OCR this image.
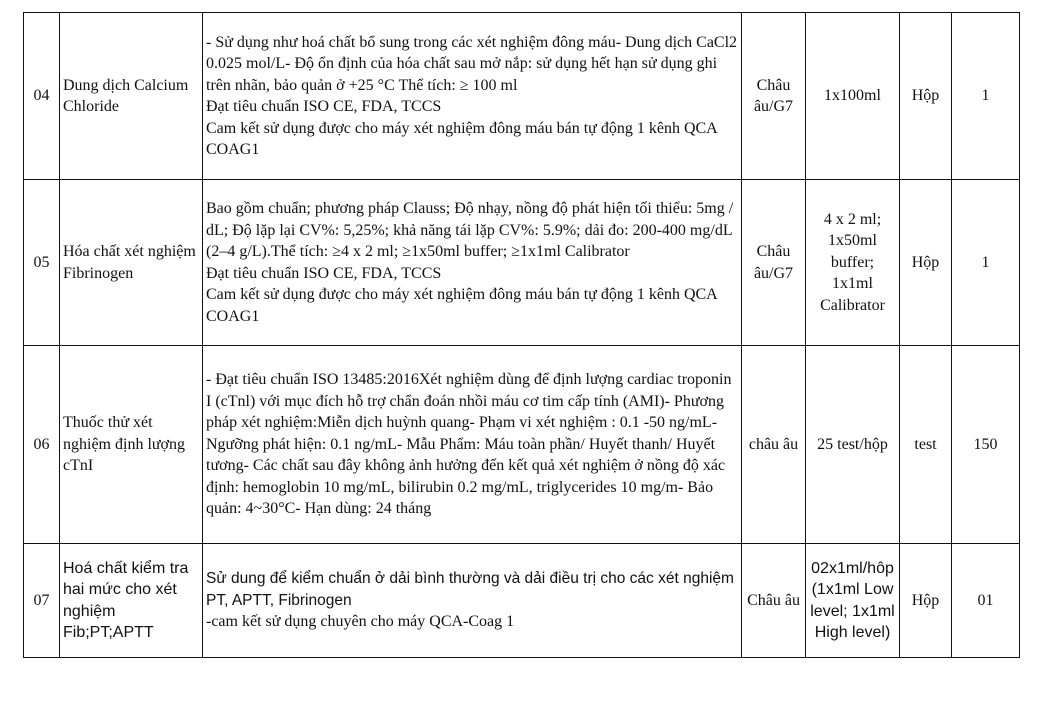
04	Dung dịch Calcium Chloride	- Sử dụng như hoá chất bổ sung trong các xét nghiệm đông máu- Dung dịch CaCl2 0.025 mol/L- Độ ổn định của hóa chất sau mở nắp: sử dụng hết hạn sử dụng ghi trên nhãn, bảo quản ở +25 °C Thể tích: ≥ 100 ml
Đạt tiêu chuẩn ISO CE, FDA, TCCS
Cam kết sử dụng được cho máy xét nghiệm đông máu bán tự động 1 kênh QCA COAG1	Châu âu/G7	1x100ml	Hộp	1
05	Hóa chất xét nghiệm Fibrinogen	Bao gồm chuẩn; phương pháp Clauss; Độ nhạy, nồng độ phát hiện tối thiểu: 5mg / dL; Độ lặp lại CV%: 5,25%; khả năng tái lặp CV%: 5.9%; dải đo: 200-400 mg/dL (2–4 g/L).Thể tích: ≥4 x 2 ml; ≥1x50ml buffer; ≥1x1ml Calibrator
Đạt tiêu chuẩn ISO CE, FDA, TCCS
Cam kết sử dụng được cho máy xét nghiệm đông máu bán tự động 1 kênh QCA COAG1	Châu âu/G7	4 x 2 ml; 1x50ml buffer; 1x1ml Calibrator	Hộp	1
06	Thuốc thử xét nghiệm định lượng cTnI	- Đạt tiêu chuẩn ISO 13485:2016Xét nghiệm dùng để định lượng cardiac troponin I (cTnl) với mục đích hỗ trợ chẩn đoán nhồi máu cơ tim cấp tính (AMI)- Phương pháp xét nghiệm:Miễn dịch huỳnh quang- Phạm vi xét nghiệm : 0.1 -50 ng/mL- Ngưỡng phát hiện: 0.1 ng/mL- Mẫu Phẩm: Máu toàn phần/ Huyết thanh/ Huyết tương- Các chất sau đây không ảnh hưởng đến kết quả xét nghiệm ở nồng độ xác định: hemoglobin 10 mg/mL, bilirubin 0.2 mg/mL, triglycerides 10 mg/m- Bảo quản: 4~30°C- Hạn dùng: 24 tháng	châu âu	25 test/hộp	test	150
07	Hoá chất kiểm tra hai mức cho xét nghiệm Fib;PT;APTT	Sử dung để kiểm chuẩn ở dải bình thường và dải điều trị cho các xét nghiệm PT, APTT, Fibrinogen
-cam kết sử dụng chuyên cho máy QCA-Coag 1	Châu âu	02x1ml/hôp (1x1ml Low level; 1x1ml High level)	Hộp	01
